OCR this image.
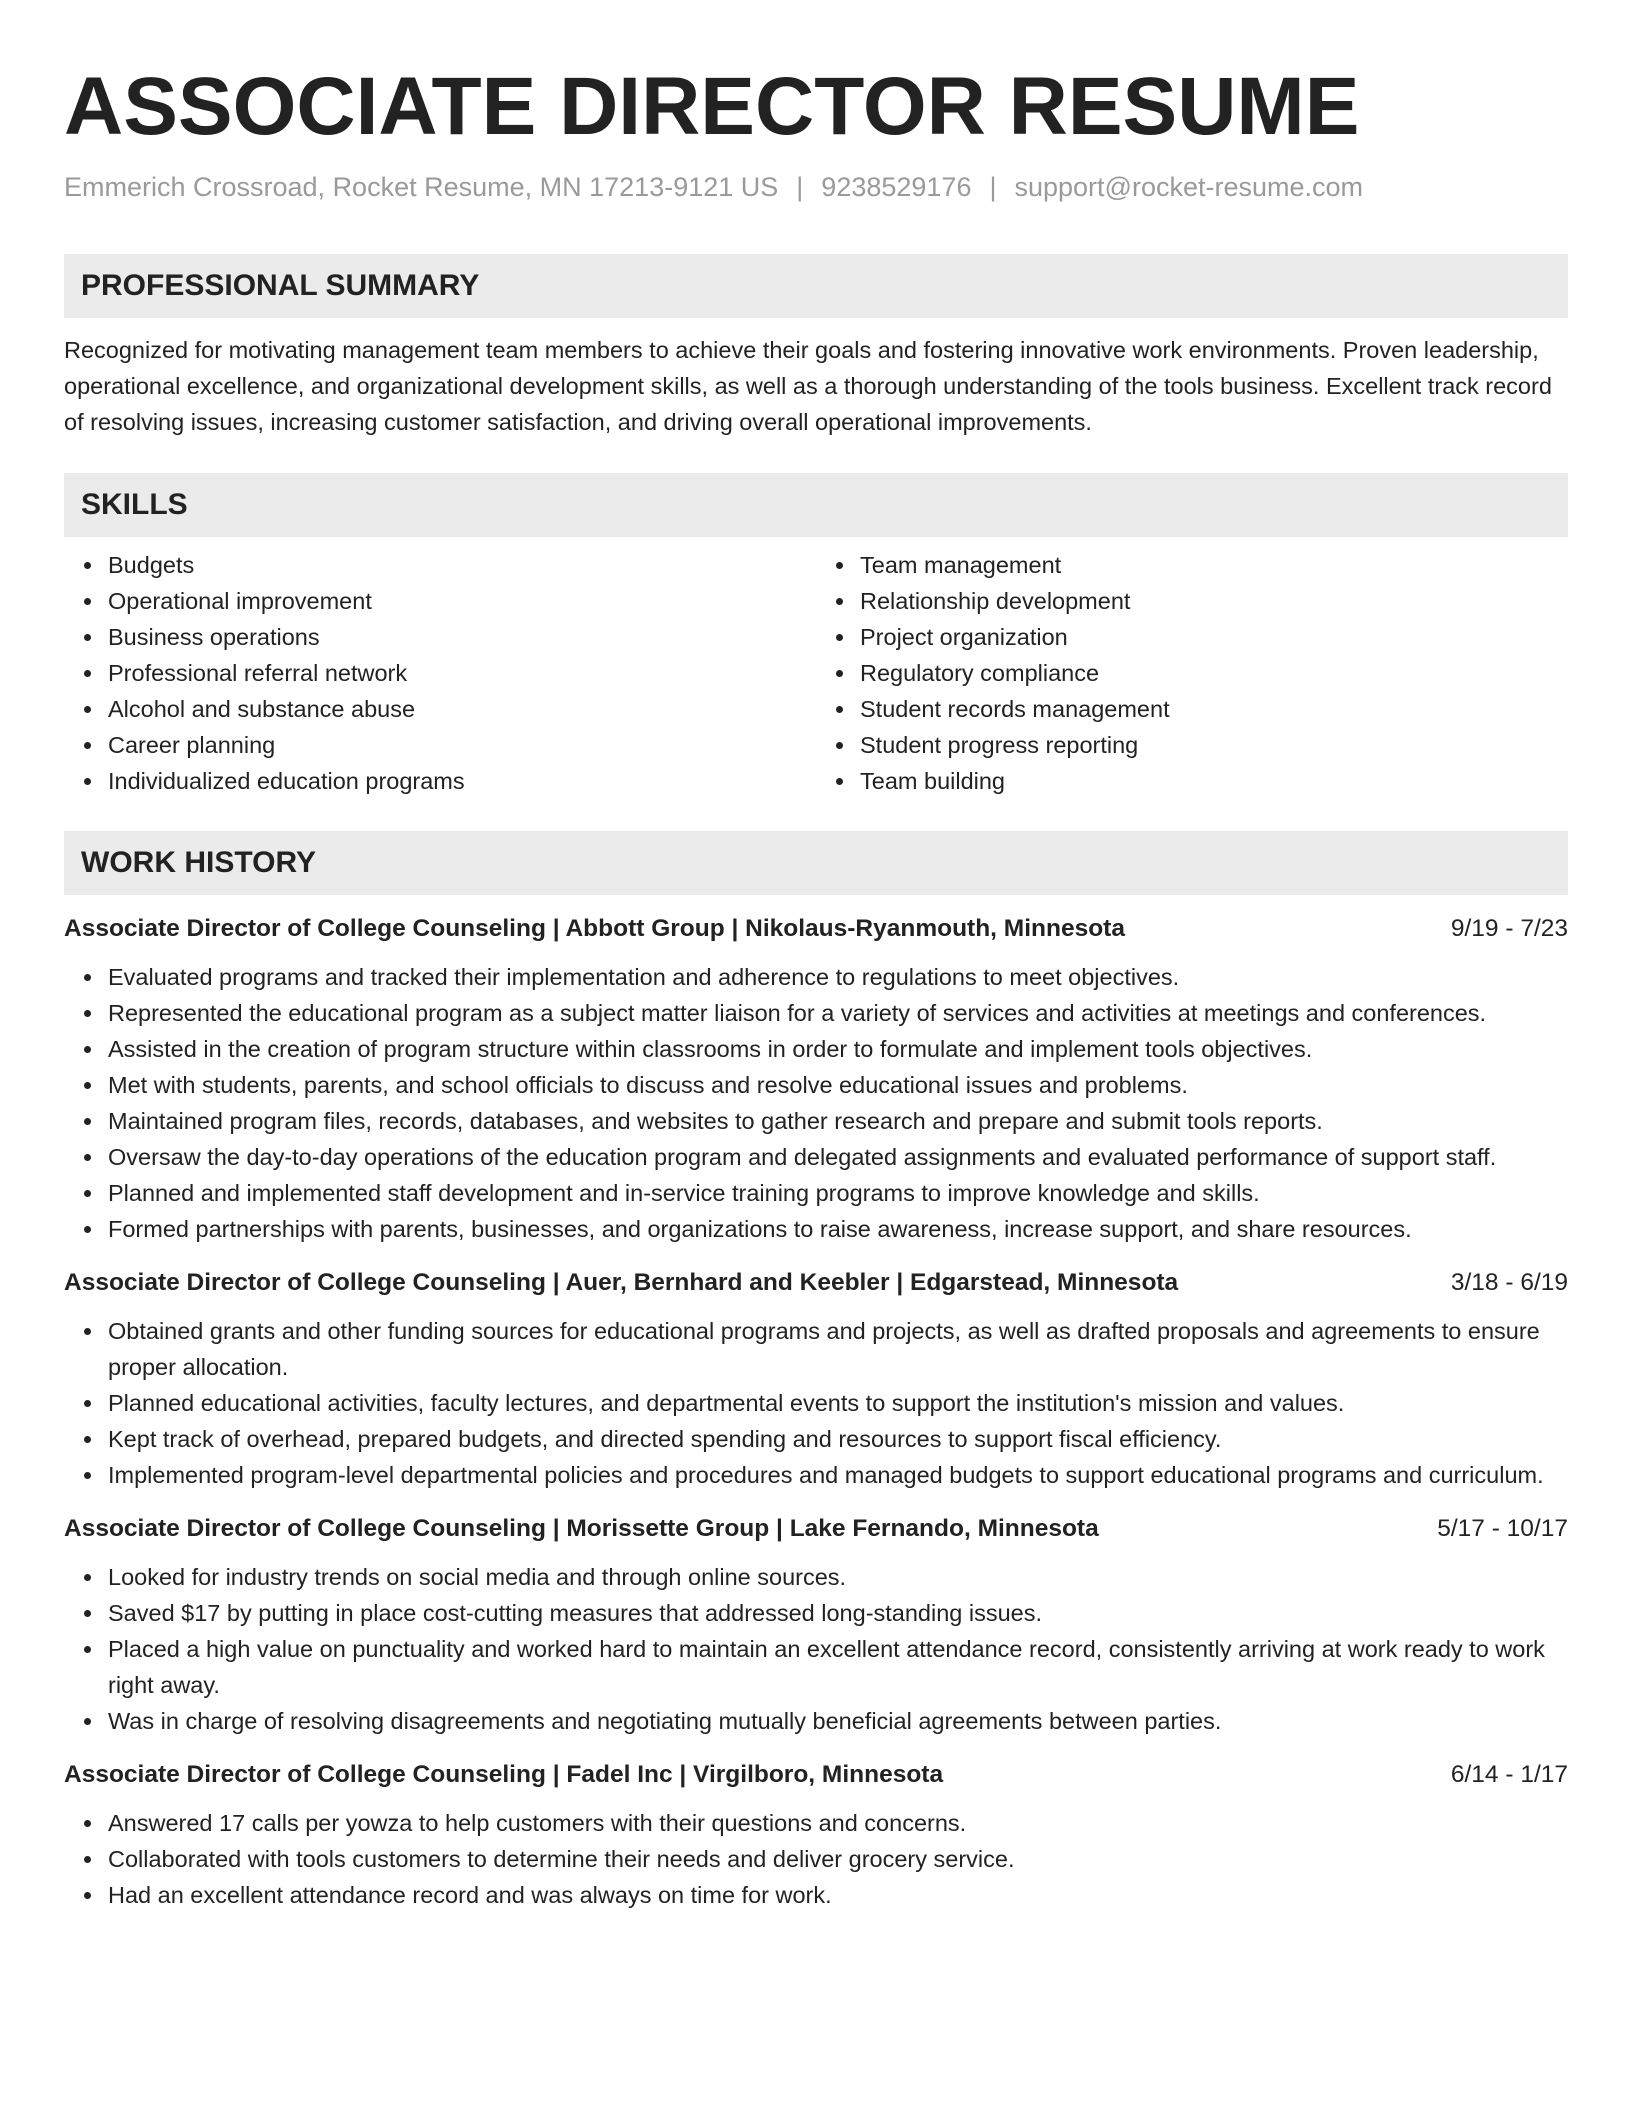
ASSOCIATE DIRECTOR RESUME
Emmerich Crossroad, Rocket Resume, MN 17213-9121 US | 9238529176 | support@rocket-resume.com
PROFESSIONAL SUMMARY

Recognized for motivating management team members to achieve their goals and fostering innovative work environments. Proven leadership, operational excellence, and organizational development skills, as well as a thorough understanding of the tools business. Excellent track record of resolving issues, increasing customer satisfaction, and driving overall operational improvements.

SKILLS
Budgets
Operational improvement
Business operations
Professional referral network
Alcohol and substance abuse
Career planning
Individualized education programs
Team management
Relationship development
Project organization
Regulatory compliance
Student records management
Student progress reporting
Team building
WORK HISTORY
Associate Director of College Counseling | Abbott Group | Nikolaus-Ryanmouth, Minnesota	9/19 - 7/23
Evaluated programs and tracked their implementation and adherence to regulations to meet objectives.
Represented the educational program as a subject matter liaison for a variety of services and activities at meetings and conferences.
Assisted in the creation of program structure within classrooms in order to formulate and implement tools objectives.
Met with students, parents, and school officials to discuss and resolve educational issues and problems.
Maintained program files, records, databases, and websites to gather research and prepare and submit tools reports.
Oversaw the day-to-day operations of the education program and delegated assignments and evaluated performance of support staff.
Planned and implemented staff development and in-service training programs to improve knowledge and skills.
Formed partnerships with parents, businesses, and organizations to raise awareness, increase support, and share resources.
Associate Director of College Counseling | Auer, Bernhard and Keebler | Edgarstead, Minnesota	3/18 - 6/19
Obtained grants and other funding sources for educational programs and projects, as well as drafted proposals and agreements to ensure proper allocation.
Planned educational activities, faculty lectures, and departmental events to support the institution's mission and values.
Kept track of overhead, prepared budgets, and directed spending and resources to support fiscal efficiency.
Implemented program-level departmental policies and procedures and managed budgets to support educational programs and curriculum.
Associate Director of College Counseling | Morissette Group | Lake Fernando, Minnesota	5/17 - 10/17
Looked for industry trends on social media and through online sources.
Saved $17 by putting in place cost-cutting measures that addressed long-standing issues.
Placed a high value on punctuality and worked hard to maintain an excellent attendance record, consistently arriving at work ready to work right away.
Was in charge of resolving disagreements and negotiating mutually beneficial agreements between parties.
Associate Director of College Counseling | Fadel Inc | Virgilboro, Minnesota	6/14 - 1/17
Answered 17 calls per yowza to help customers with their questions and concerns.
Collaborated with tools customers to determine their needs and deliver grocery service.
Had an excellent attendance record and was always on time for work.
